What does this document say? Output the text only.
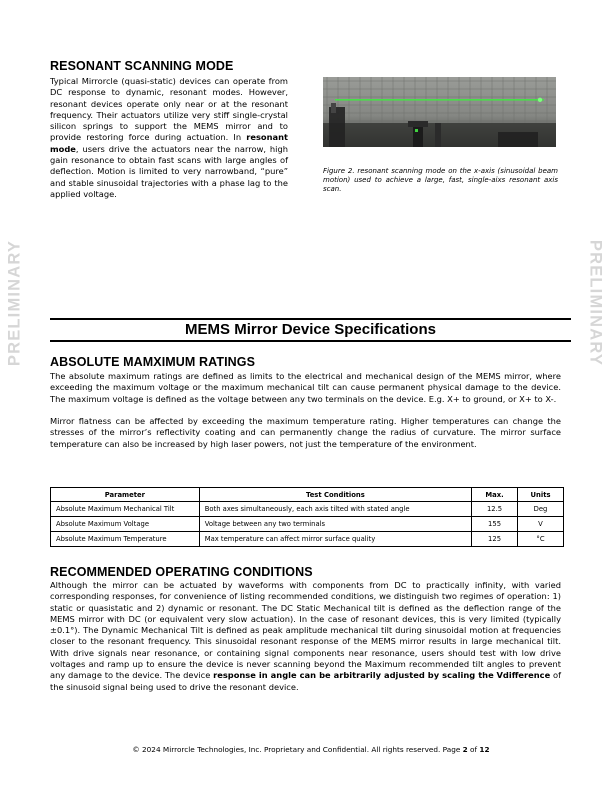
RESONANT SCANNING MODE

Typical Mirrorcle (quasi-static) devices can operate from DC response to dynamic, resonant modes. However, resonant devices operate only near or at the resonant frequency. Their actuators utilize very stiff single-crystal silicon springs to support the MEMS mirror and to provide restoring force during actuation. In resonant mode, users drive the actuators near the narrow, high gain resonance to obtain fast scans with large angles of deflection. Motion is limited to very narrowband, “pure” and stable sinusoidal trajectories with a phase lag to the applied voltage.

Figure 2. resonant scanning mode on the x-axis (sinusoidal beam motion) used to achieve a large, fast, single-aixs resonant axis scan.

PRELIMINARY	PRELIMINARY
MEMS Mirror Device Specifications
ABSOLUTE MAMXIMUM RATINGS

The absolute maximum ratings are defined as limits to the electrical and mechanical design of the MEMS mirror, where exceeding the maximum voltage or the maximum mechanical tilt can cause permanent physical damage to the device. The maximum voltage is defined as the voltage between any two terminals on the device. E.g. X+ to ground, or X+ to X-.

Mirror flatness can be affected by exceeding the maximum temperature rating. Higher temperatures can change the stresses of the mirror’s reflectivity coating and can permanently change the radius of curvature. The mirror surface temperature can also be increased by high laser powers, not just the temperature of the environment.

Parameter	Test Conditions	Max.	Units
Absolute Maximum Mechanical Tilt	Both axes simultaneously, each axis tilted with stated angle	12.5	Deg
Absolute Maximum Voltage	Voltage between any two terminals	155	V
Absolute Maximum Temperature	Max temperature can affect mirror surface quality	125	°C
RECOMMENDED OPERATING CONDITIONS

Although the mirror can be actuated by waveforms with components from DC to practically infinity, with varied corresponding responses, for convenience of listing recommended conditions, we distinguish two regimes of operation: 1) static or quasistatic and 2) dynamic or resonant. The DC Static Mechanical tilt is defined as the deflection range of the MEMS mirror with DC (or equivalent very slow actuation). In the case of resonant devices, this is very limited (typically ±0.1°). The Dynamic Mechanical Tilt is defined as peak amplitude mechanical tilt during sinusoidal motion at frequencies closer to the resonant frequency. This sinusoidal resonant response of the MEMS mirror results in large mechanical tilt. With drive signals near resonance, or containing signal components near resonance, users should test with low drive voltages and ramp up to ensure the device is never scanning beyond the Maximum recommended tilt angles to prevent any damage to the device. The device response in angle can be arbitrarily adjusted by scaling the Vdifference of the sinusoid signal being used to drive the resonant device.

© 2024 Mirrorcle Technologies, Inc. Proprietary and Confidential. All rights reserved. Page 2 of 12
